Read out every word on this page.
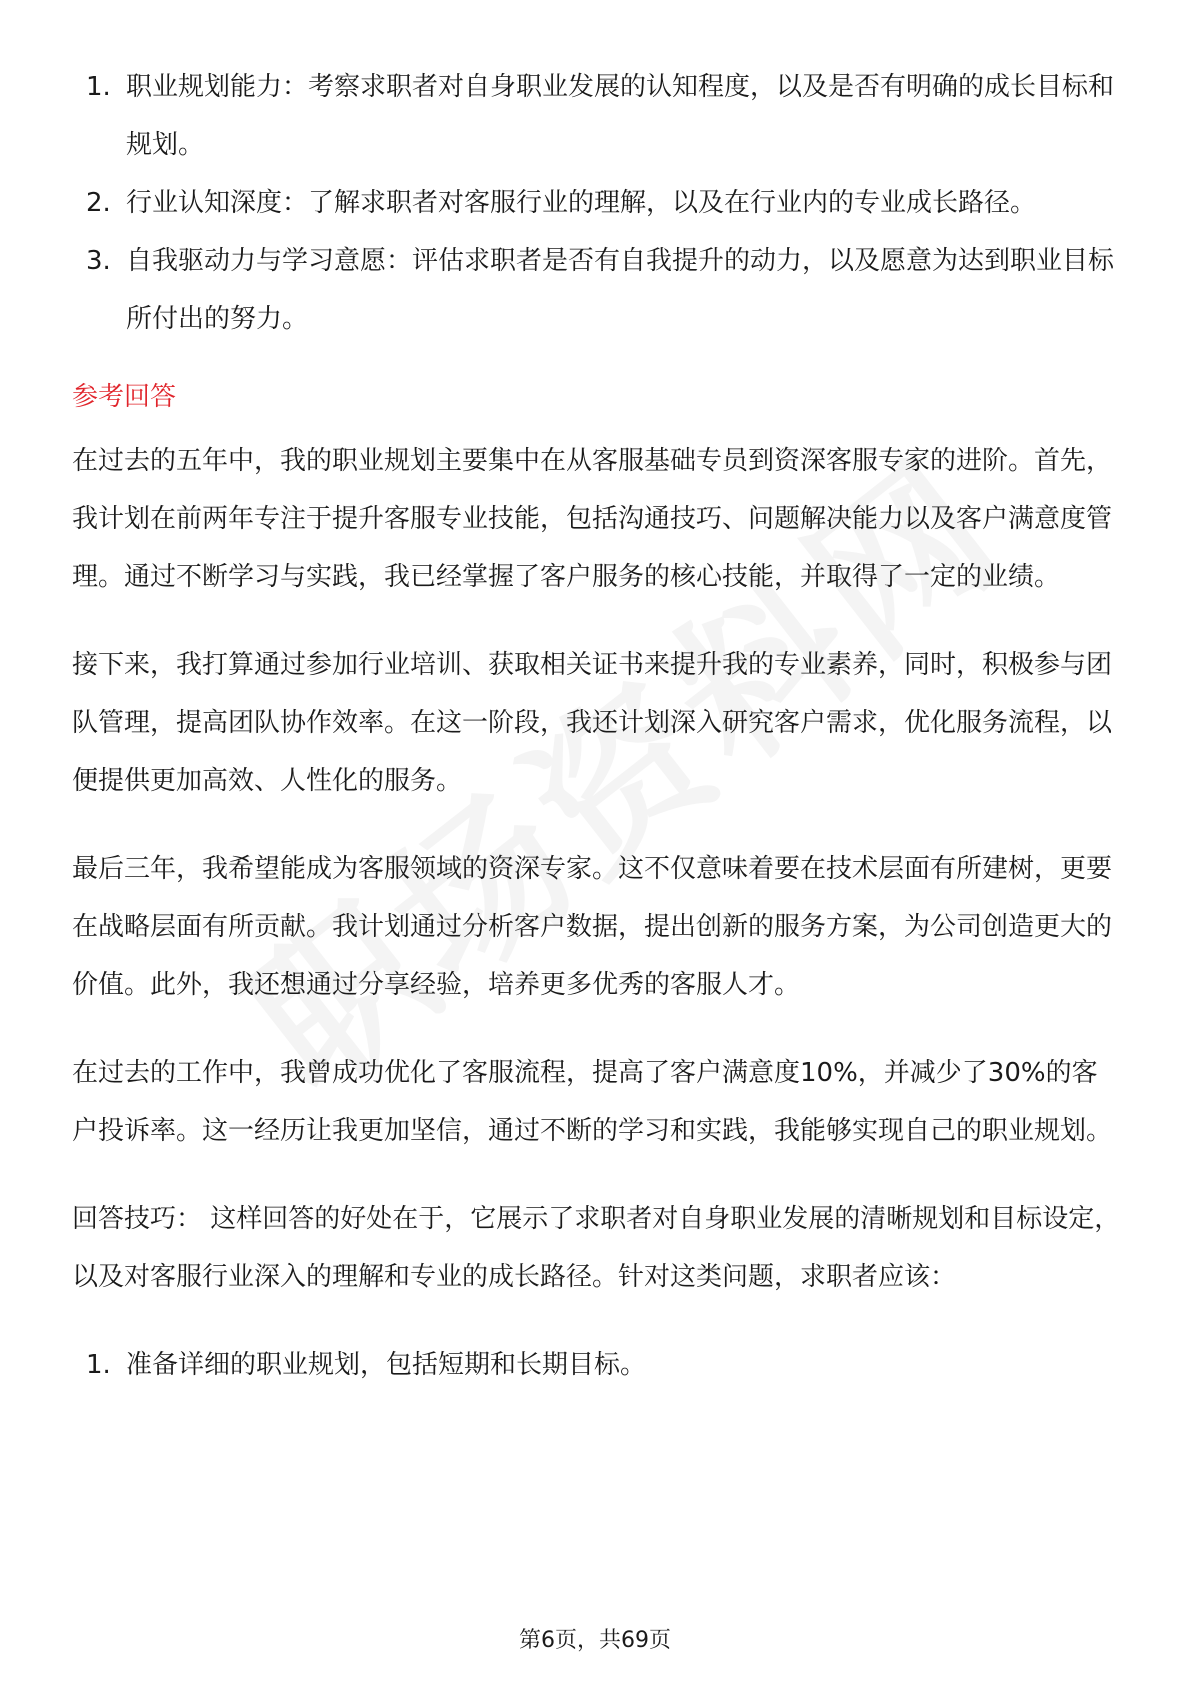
1. 职业规划能力：考察求职者对自身职业发展的认知程度，以及是否有明确的成长目标和规划。
2. 行业认知深度：了解求职者对客服行业的理解，以及在行业内的专业成长路径。
3. 自我驱动力与学习意愿：评估求职者是否有自我提升的动力，以及愿意为达到职业目标所付出的努力。
参考回答

在过去的五年中，我的职业规划主要集中在从客服基础专员到资深客服专家的进阶。首先，我计划在前两年专注于提升客服专业技能，包括沟通技巧、问题解决能力以及客户满意度管理。通过不断学习与实践，我已经掌握了客户服务的核心技能，并取得了一定的业绩。

接下来，我打算通过参加行业培训、获取相关证书来提升我的专业素养，同时，积极参与团队管理，提高团队协作效率。在这一阶段，我还计划深入研究客户需求，优化服务流程，以便提供更加高效、人性化的服务。

最后三年，我希望能成为客服领域的资深专家。这不仅意味着要在技术层面有所建树，更要在战略层面有所贡献。我计划通过分析客户数据，提出创新的服务方案，为公司创造更大的价值。此外，我还想通过分享经验，培养更多优秀的客服人才。

在过去的工作中，我曾成功优化了客服流程，提高了客户满意度10%，并减少了30%的客户投诉率。这一经历让我更加坚信，通过不断的学习和实践，我能够实现自己的职业规划。

回答技巧： 这样回答的好处在于，它展示了求职者对自身职业发展的清晰规划和目标设定，以及对客服行业深入的理解和专业的成长路径。针对这类问题，求职者应该：

1. 准备详细的职业规划，包括短期和长期目标。
第6页，共69页
